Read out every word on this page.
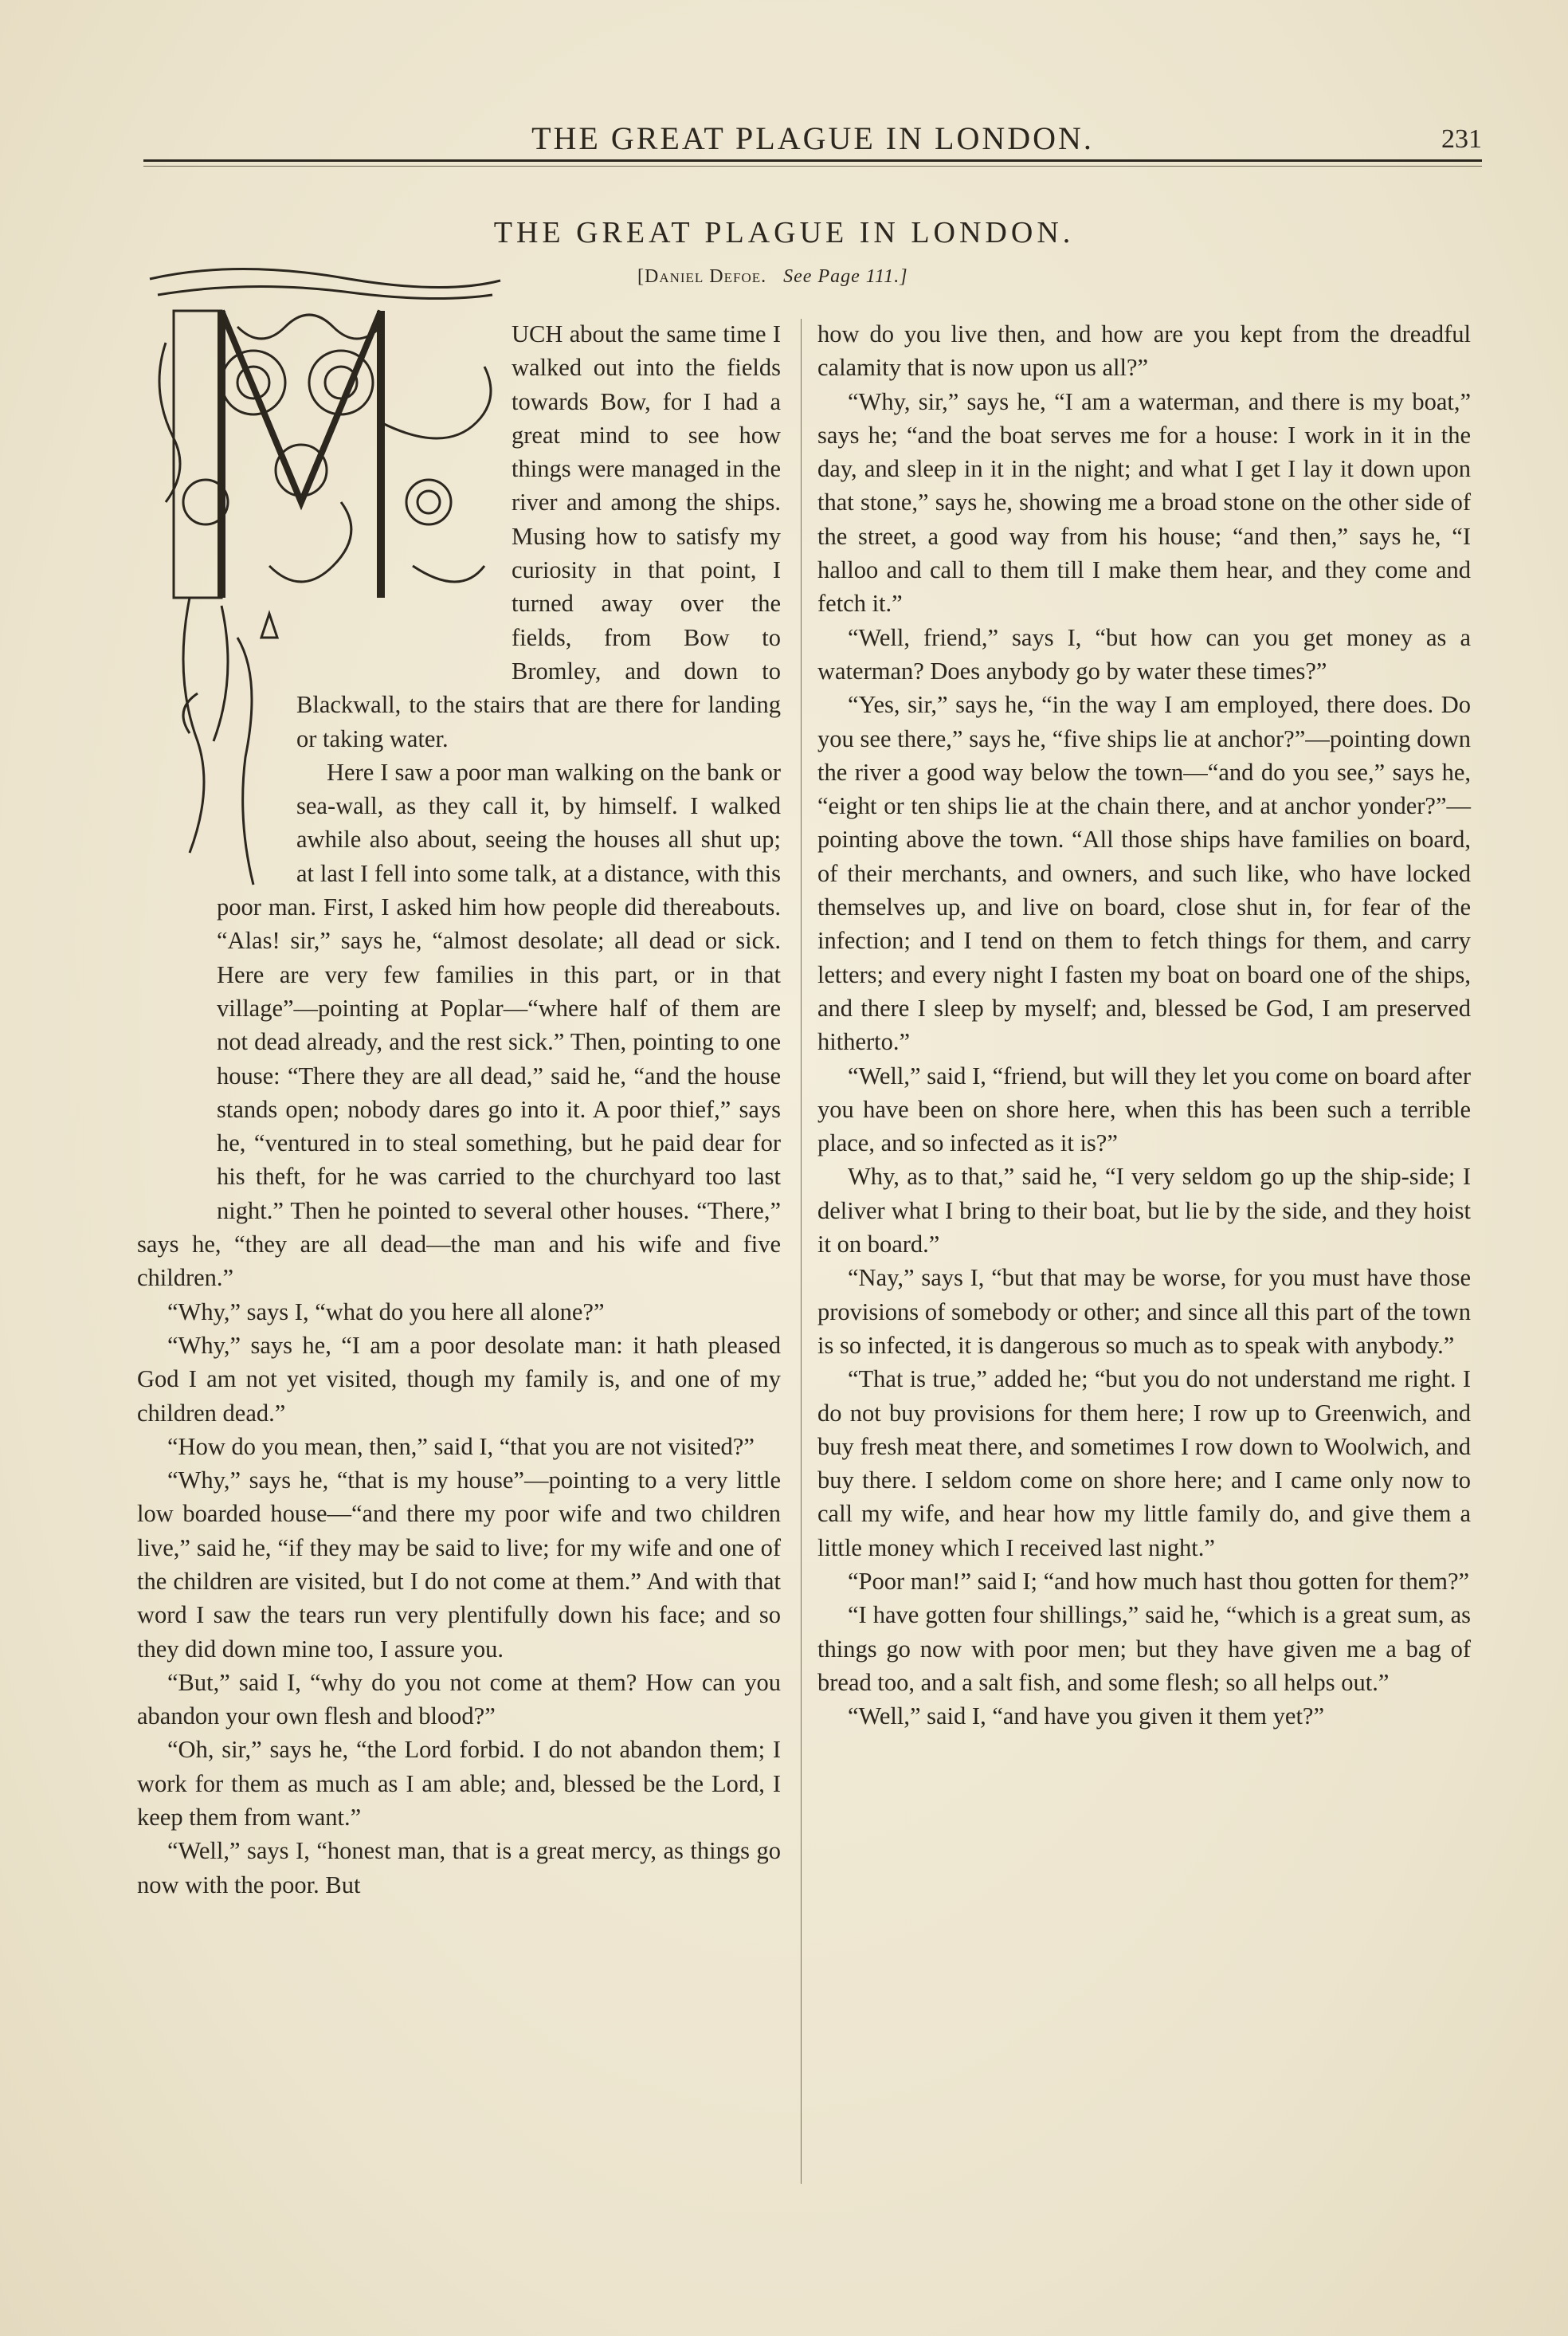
THE GREAT PLAGUE IN LONDON.	231
THE GREAT PLAGUE IN LONDON.
[Daniel Defoe. See Page 111.]

UCH about the same time I walked out into the fields towards Bow, for I had a great mind to see how things were managed in the river and among the ships. Musing how to satisfy my curiosity in that point, I turned away over the fields, from Bow to Bromley, and down to Blackwall, to the stairs that are there for landing or taking water.

Here I saw a poor man walking on the bank or sea-wall, as they call it, by himself. I walked awhile also about, seeing the houses all shut up; at last I fell into some talk, at a distance, with this poor man. First, I asked him how people did thereabouts. “Alas! sir,” says he, “almost desolate; all dead or sick. Here are very few families in this part, or in that village”—pointing at Poplar—“where half of them are not dead already, and the rest sick.” Then, pointing to one house: “There they are all dead,” said he, “and the house stands open; nobody dares go into it. A poor thief,” says he, “ventured in to steal something, but he paid dear for his theft, for he was carried to the churchyard too last night.” Then he pointed to several other houses. “There,” says he, “they are all dead—the man and his wife and five children.”

“Why,” says I, “what do you here all alone?”

“Why,” says he, “I am a poor desolate man: it hath pleased God I am not yet visited, though my family is, and one of my children dead.”

“How do you mean, then,” said I, “that you are not visited?”

“Why,” says he, “that is my house”—pointing to a very little low boarded house—“and there my poor wife and two children live,” said he, “if they may be said to live; for my wife and one of the children are visited, but I do not come at them.” And with that word I saw the tears run very plentifully down his face; and so they did down mine too, I assure you.

“But,” said I, “why do you not come at them? How can you abandon your own flesh and blood?”

“Oh, sir,” says he, “the Lord forbid. I do not abandon them; I work for them as much as I am able; and, blessed be the Lord, I keep them from want.”

“Well,” says I, “honest man, that is a great mercy, as things go now with the poor. But

how do you live then, and how are you kept from the dreadful calamity that is now upon us all?”

“Why, sir,” says he, “I am a waterman, and there is my boat,” says he; “and the boat serves me for a house: I work in it in the day, and sleep in it in the night; and what I get I lay it down upon that stone,” says he, showing me a broad stone on the other side of the street, a good way from his house; “and then,” says he, “I halloo and call to them till I make them hear, and they come and fetch it.”

“Well, friend,” says I, “but how can you get money as a waterman? Does anybody go by water these times?”

“Yes, sir,” says he, “in the way I am employed, there does. Do you see there,” says he, “five ships lie at anchor?”—pointing down the river a good way below the town—“and do you see,” says he, “eight or ten ships lie at the chain there, and at anchor yonder?”—pointing above the town. “All those ships have families on board, of their merchants, and owners, and such like, who have locked themselves up, and live on board, close shut in, for fear of the infection; and I tend on them to fetch things for them, and carry letters; and every night I fasten my boat on board one of the ships, and there I sleep by myself; and, blessed be God, I am preserved hitherto.”

“Well,” said I, “friend, but will they let you come on board after you have been on shore here, when this has been such a terrible place, and so infected as it is?”

Why, as to that,” said he, “I very seldom go up the ship-side; I deliver what I bring to their boat, but lie by the side, and they hoist it on board.”

“Nay,” says I, “but that may be worse, for you must have those provisions of somebody or other; and since all this part of the town is so infected, it is dangerous so much as to speak with anybody.”

“That is true,” added he; “but you do not understand me right. I do not buy provisions for them here; I row up to Greenwich, and buy fresh meat there, and sometimes I row down to Woolwich, and buy there. I seldom come on shore here; and I came only now to call my wife, and hear how my little family do, and give them a little money which I received last night.”

“Poor man!” said I; “and how much hast thou gotten for them?”

“I have gotten four shillings,” said he, “which is a great sum, as things go now with poor men; but they have given me a bag of bread too, and a salt fish, and some flesh; so all helps out.”

“Well,” said I, “and have you given it them yet?”
